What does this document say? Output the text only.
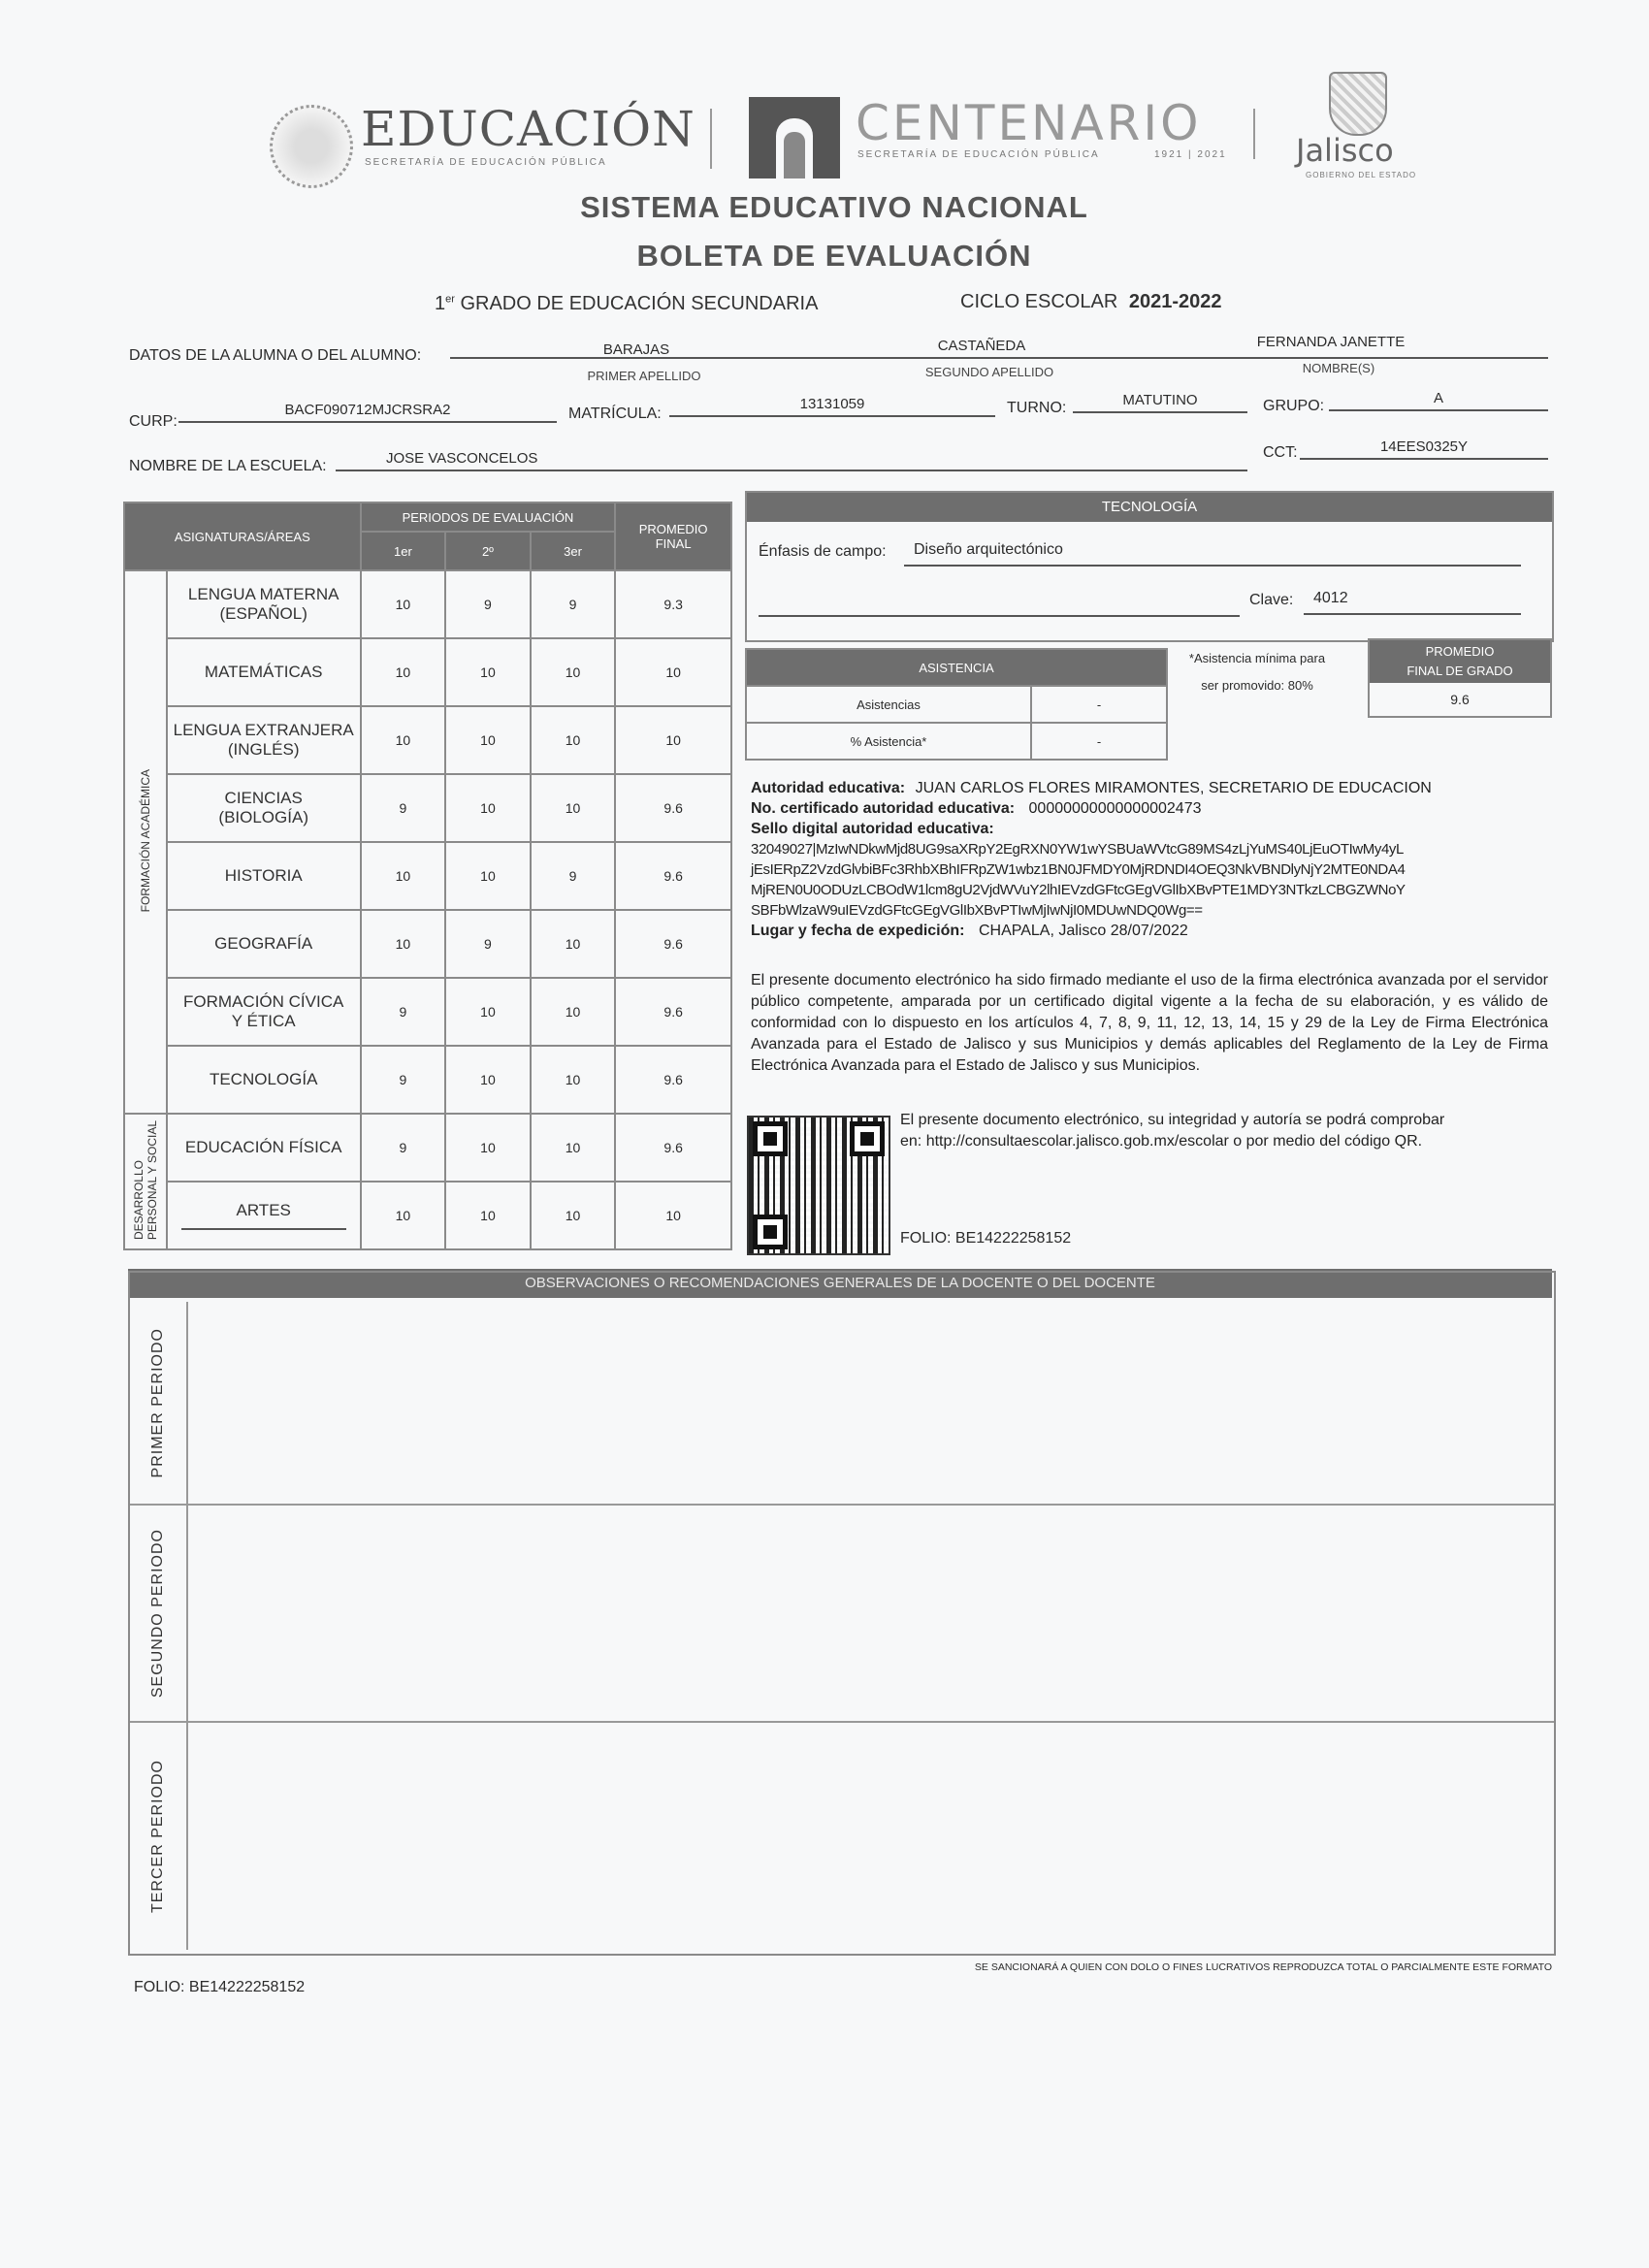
EDUCACIÓN
SECRETARÍA DE EDUCACIÓN PÚBLICA
CENTENARIO
SECRETARÍA DE EDUCACIÓN PÚBLICA	1921 | 2021 Jalisco
GOBIERNO DEL ESTADO
SISTEMA EDUCATIVO NACIONAL
BOLETA DE EVALUACIÓN
1er GRADO DE EDUCACIÓN SECUNDARIA	CICLO ESCOLAR 2021-2022
DATOS DE LA ALUMNA O DEL ALUMNO:	BARAJAS	CASTAÑEDA	FERNANDA JANETTE
PRIMER APELLIDO	SEGUNDO APELLIDO	NOMBRE(S)
CURP:
BACF090712MJCRSRA2	MATRÍCULA:
13131059	TURNO:	MATUTINO	GRUPO:	A
NOMBRE DE LA ESCUELA:	JOSE VASCONCELOS	CCT:	14EES0325Y
ASIGNATURAS/ÁREAS		PERIODOS DE EVALUACIÓN			PROMEDIO
FINAL
		1er	2º	3er	
FORMACIÓN ACADÉMICA	LENGUA MATERNA
(ESPAÑOL)	10	9	9	9.3
	MATEMÁTICAS	10	10	10	10
	LENGUA EXTRANJERA
(INGLÉS)	10	10	10	10
	CIENCIAS
(BIOLOGÍA)	9	10	10	9.6
	HISTORIA	10	10	9	9.6
	GEOGRAFÍA	10	9	10	9.6
	FORMACIÓN CÍVICA
Y ÉTICA	9	10	10	9.6
	TECNOLOGÍA	9	10	10	9.6
DESARROLLOPERSONAL Y SOCIAL	EDUCACIÓN FÍSICA	9	10	10	9.6
	ARTES	10	10	10	10
TECNOLOGÍA
Énfasis de campo:	Diseño arquitectónico
Clave:	4012
ASISTENCIA	
Asistencias	-
% Asistencia*	-
*Asistencia mínima para
ser promovido: 80%
PROMEDIO
FINAL DE GRADO
9.6
Autoridad educativa: JUAN CARLOS FLORES MIRAMONTES, SECRETARIO DE EDUCACION
No. certificado autoridad educativa: 00000000000000002473
Sello digital autoridad educativa:
32049027|MzIwNDkwMjd8UG9saXRpY2EgRXN0YW1wYSBUaWVtcG89MS4zLjYuMS40LjEuOTIwMy4yL
jEsIERpZ2VzdGlvbiBFc3RhbXBhIFRpZW1wbz1BN0JFMDY0MjRDNDI4OEQ3NkVBNDlyNjY2MTE0NDA4
MjREN0U0ODUzLCBOdW1lcm8gU2VjdWVuY2lhIEVzdGFtcGEgVGlIbXBvPTE1MDY3NTkzLCBGZWNoY
SBFbWlzaW9uIEVzdGFtcGEgVGlIbXBvPTIwMjIwNjI0MDUwNDQ0Wg==
Lugar y fecha de expedición: CHAPALA, Jalisco 28/07/2022
El presente documento electrónico ha sido firmado mediante el uso de la firma electrónica avanzada por el servidor público competente, amparada por un certificado digital vigente a la fecha de su elaboración, y es válido de conformidad con lo dispuesto en los artículos 4, 7, 8, 9, 11, 12, 13, 14, 15 y 29 de la Ley de Firma Electrónica Avanzada para el Estado de Jalisco y sus Municipios y demás aplicables del Reglamento de la Ley de Firma Electrónica Avanzada para el Estado de Jalisco y sus Municipios.
El presente documento electrónico, su integridad y autoría se podrá comprobar
en: http://consultaescolar.jalisco.gob.mx/escolar o por medio del código QR.
FOLIO: BE14222258152
OBSERVACIONES O RECOMENDACIONES GENERALES DE LA DOCENTE O DEL DOCENTE
PRIMER PERIODO
SEGUNDO PERIODO
TERCER PERIODO
FOLIO: BE14222258152
SE SANCIONARÁ A QUIEN CON DOLO O FINES LUCRATIVOS REPRODUZCA TOTAL O PARCIALMENTE ESTE FORMATO
